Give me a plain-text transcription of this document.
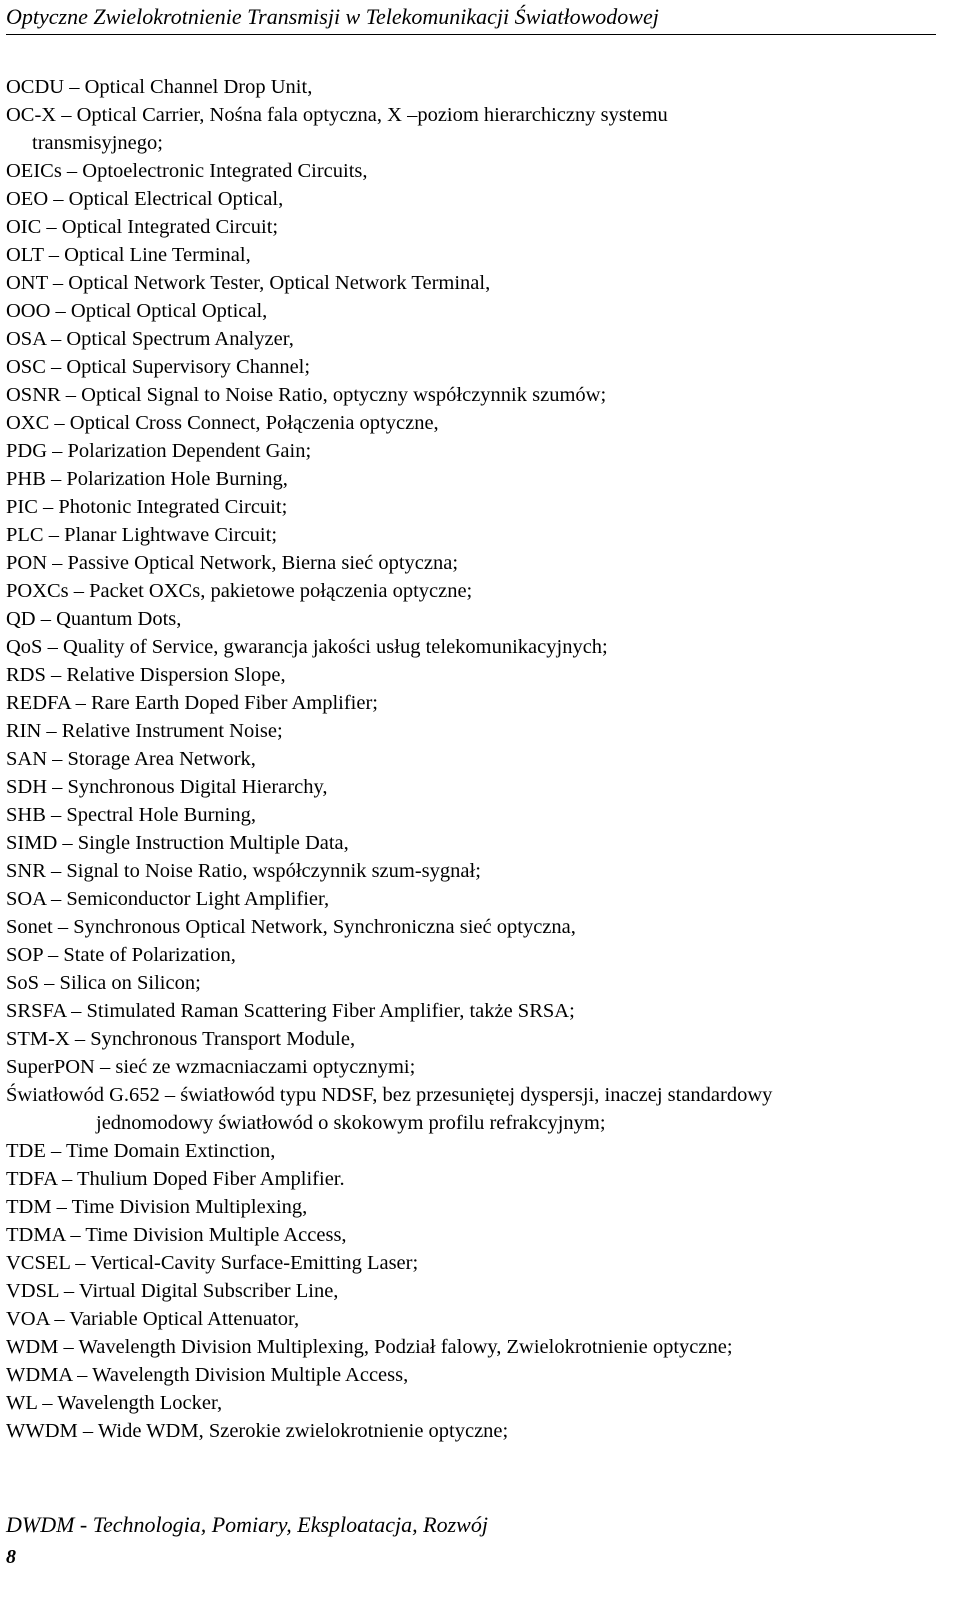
Optyczne Zwielokrotnienie Transmisji w Telekomunikacji Światłowodowej
OCDU – Optical Channel Drop Unit,
OC-X – Optical Carrier, Nośna fala optyczna, X –poziom hierarchiczny systemu
transmisyjnego;
OEICs – Optoelectronic Integrated Circuits,
OEO – Optical Electrical Optical,
OIC – Optical Integrated Circuit;
OLT – Optical Line Terminal,
ONT – Optical Network Tester, Optical Network Terminal,
OOO – Optical Optical Optical,
OSA – Optical Spectrum Analyzer,
OSC – Optical Supervisory Channel;
OSNR – Optical Signal to Noise Ratio, optyczny współczynnik szumów;
OXC – Optical Cross Connect, Połączenia optyczne,
PDG – Polarization Dependent Gain;
PHB – Polarization Hole Burning,
PIC – Photonic Integrated Circuit;
PLC – Planar Lightwave Circuit;
PON – Passive Optical Network, Bierna sieć optyczna;
POXCs – Packet OXCs, pakietowe połączenia optyczne;
QD – Quantum Dots,
QoS – Quality of Service, gwarancja jakości usług telekomunikacyjnych;
RDS – Relative Dispersion Slope,
REDFA – Rare Earth Doped Fiber Amplifier;
RIN – Relative Instrument Noise;
SAN – Storage Area Network,
SDH – Synchronous Digital Hierarchy,
SHB – Spectral Hole Burning,
SIMD – Single Instruction Multiple Data,
SNR – Signal to Noise Ratio, współczynnik szum-sygnał;
SOA – Semiconductor Light Amplifier,
Sonet – Synchronous Optical Network, Synchroniczna sieć optyczna,
SOP – State of Polarization,
SoS – Silica on Silicon;
SRSFA – Stimulated Raman Scattering Fiber Amplifier, także SRSA;
STM-X – Synchronous Transport Module,
SuperPON – sieć ze wzmacniaczami optycznymi;
Światłowód G.652 – światłowód typu NDSF, bez przesuniętej dyspersji, inaczej standardowy
jednomodowy światłowód o skokowym profilu refrakcyjnym;
TDE – Time Domain Extinction,
TDFA – Thulium Doped Fiber Amplifier.
TDM – Time Division Multiplexing,
TDMA – Time Division Multiple Access,
VCSEL – Vertical-Cavity Surface-Emitting Laser;
VDSL – Virtual Digital Subscriber Line,
VOA – Variable Optical Attenuator,
WDM – Wavelength Division Multiplexing, Podział falowy, Zwielokrotnienie optyczne;
WDMA – Wavelength Division Multiple Access,
WL – Wavelength Locker,
WWDM – Wide WDM, Szerokie zwielokrotnienie optyczne;
DWDM - Technologia, Pomiary, Eksploatacja, Rozwój
8
